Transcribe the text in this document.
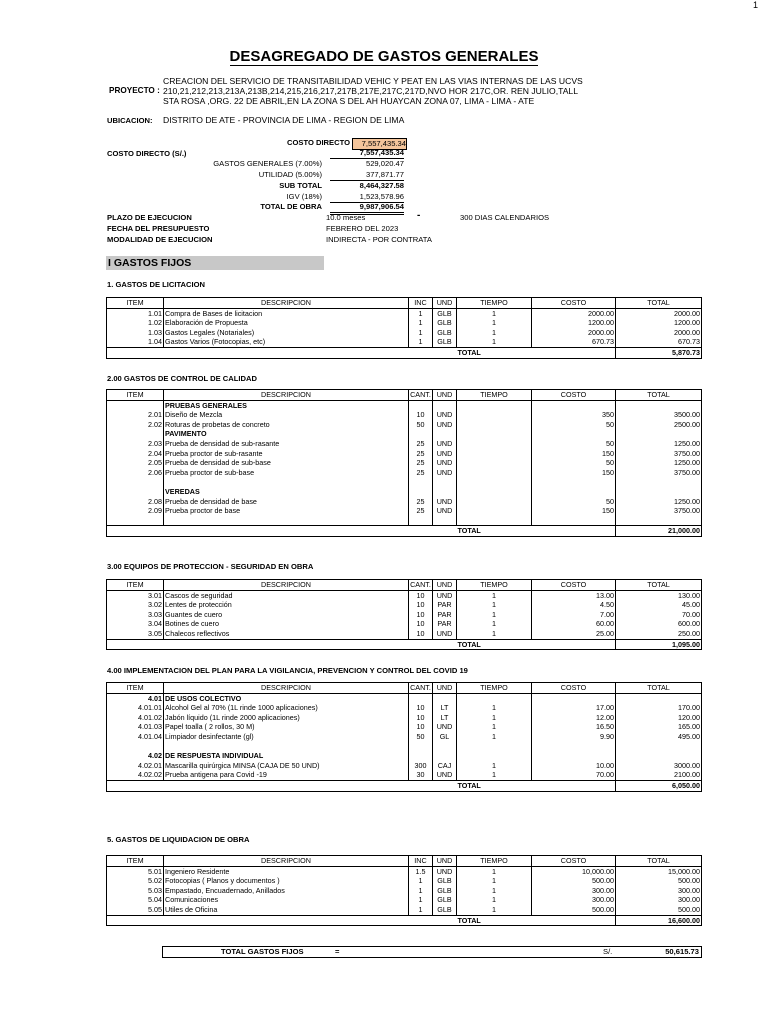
1
DESAGREGADO DE GASTOS GENERALES
PROYECTO :
CREACION DEL SERVICIO DE TRANSITABILIDAD VEHIC Y PEAT EN LAS VIAS INTERNAS DE LAS UCVS
210,21,212,213,213A,213B,214,215,216,217,217B,217E,217C,217D,NVO HOR 217C,OR. REN JULIO,TALL
STA ROSA ,ORG. 22 DE ABRIL,EN LA ZONA S DEL AH HUAYCAN ZONA 07, LIMA - LIMA - ATE
UBICACION: DISTRITO DE ATE - PROVINCIA DE LIMA - REGION DE LIMA
COSTO DIRECTO	7,557,435.34
COSTO DIRECTO (S/.)	7,557,435.34
GASTOS GENERALES (7.00%)	529,020.47
UTILIDAD (5.00%)	377,871.77
SUB TOTAL	8,464,327.58
IGV (18%)	1,523,578.96
TOTAL DE OBRA	9,987,906.54
PLAZO DE EJECUCION	10.0 meses	-	300 DIAS CALENDARIOS
FECHA DEL PRESUPUESTO	FEBRERO DEL 2023
MODALIDAD DE EJECUCION	INDIRECTA - POR CONTRATA
I GASTOS FIJOS
1. GASTOS DE LICITACION
2.00 GASTOS DE CONTROL DE CALIDAD
3.00 EQUIPOS DE PROTECCION - SEGURIDAD EN OBRA
4.00 IMPLEMENTACION DEL PLAN PARA LA VIGILANCIA, PREVENCION Y CONTROL DEL COVID 19
5. GASTOS DE LIQUIDACION DE OBRA
ITEM	DESCRIPCION	INC	UND	TIEMPO	COSTO	TOTAL
1.01	Compra de Bases de licitacion	1	GLB	1	2000.00	2000.00
1.02	Elaboración de Propuesta	1	GLB	1	1200.00	1200.00
1.03	Gastos Legales (Notariales)	1	GLB	1	2000.00	2000.00
1.04	Gastos Varios (Fotocopias, etc)	1	GLB	1	670.73	670.73
				TOTAL		5,870.73
ITEM	DESCRIPCION	CANT.	UND	TIEMPO	COSTO	TOTAL
	PRUEBAS GENERALES					
2.01	Diseño de Mezcla	10	UND		350	3500.00
2.02	Roturas de probetas de concreto	50	UND		50	2500.00
	PAVIMENTO					
2.03	Prueba de densidad de sub-rasante	25	UND		50	1250.00
2.04	Prueba proctor de sub-rasante	25	UND		150	3750.00
2.05	Prueba de densidad de sub-base	25	UND		50	1250.00
2.06	Prueba proctor de sub-base	25	UND		150	3750.00

	VEREDAS					
2.08	Prueba de densidad de base	25	UND		50	1250.00
2.09	Prueba proctor de base	25	UND		150	3750.00

				TOTAL		21,000.00
ITEM	DESCRIPCION	CANT.	UND	TIEMPO	COSTO	TOTAL
3.01	Cascos de seguridad	10	UND	1	13.00	130.00
3.02	Lentes de protección	10	PAR	1	4.50	45.00
3.03	Guantes de cuero	10	PAR	1	7.00	70.00
3.04	Botines de cuero	10	PAR	1	60.00	600.00
3.05	Chalecos reflectivos	10	UND	1	25.00	250.00
				TOTAL		1,095.00
ITEM	DESCRIPCION	CANT.	UND	TIEMPO	COSTO	TOTAL
4.01	DE USOS COLECTIVO					
4.01.01	Alcohol Gel al 70% (1L rinde 1000 aplicaciones)	10	LT	1	17.00	170.00
4.01.02	Jabón líquido (1L rinde 2000 aplicaciones)	10	LT	1	12.00	120.00
4.01.03	Papel toalla ( 2 rollos, 30 M)	10	UND	1	16.50	165.00
4.01.04	Limpiador desinfectante (gl)	50	GL	1	9.90	495.00

4.02	DE RESPUESTA INDIVIDUAL					
4.02.01	Mascarilla quirúrgica MINSA (CAJA DE 50 UND)	300	CAJ	1	10.00	3000.00
4.02.02	Prueba antigena para Covid -19	30	UND	1	70.00	2100.00
				TOTAL		6,050.00
ITEM	DESCRIPCION	INC	UND	TIEMPO	COSTO	TOTAL
5.01	Ingeniero Residente	1.5	UND	1	10,000.00	15,000.00
5.02	Fotocopias ( Planos y documentos )	1	GLB	1	500.00	500.00
5.03	Empastado, Encuadernado, Anillados	1	GLB	1	300.00	300.00
5.04	Comunicaciones	1	GLB	1	300.00	300.00
5.05	Utiles de Oficina	1	GLB	1	500.00	500.00
				TOTAL		16,600.00
TOTAL GASTOS FIJOS	=	S/.	50,615.73
